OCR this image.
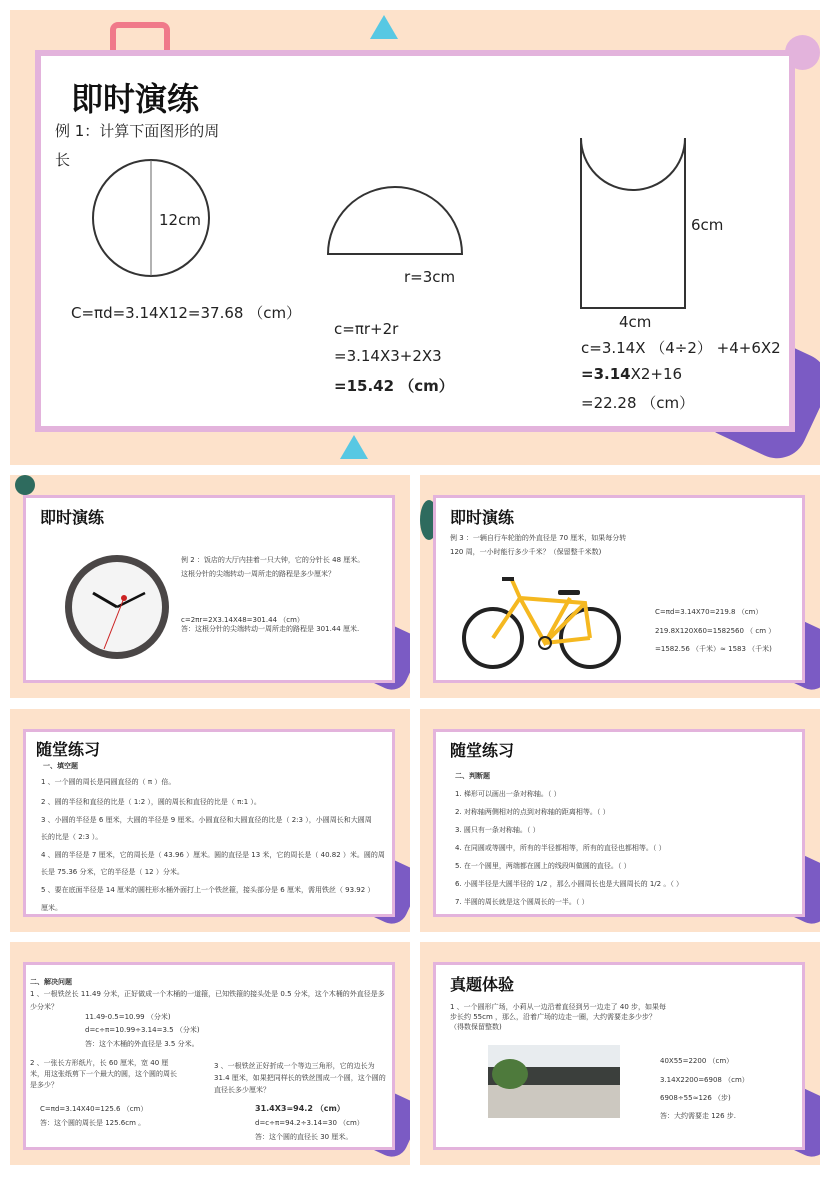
即时演练
例 1：计算下面图形的周
长
12cm
C=πd=3.14X12=37.68 （cm）
r=3cm
c=πr+2r
=3.14X3+2X3
=15.42 （cm）
6cm
4cm
c=3.14X （4÷2） +4+6X2
=3.14X2+16
=22.28 （cm）
即时演练
例 2 ：饭店的大厅内挂着一只大钟，它的分针长 48 厘米。
这根分针的尖端转动一周所走的路程是多少厘米？
c=2πr=2X3.14X48=301.44 （cm）
答：这根分针的尖端转动一周所走的路程是 301.44 厘米.
即时演练
例 3 ：一辆自行车轮胎的外直径是 70 厘米，如果每分转
120 周，一小时能行多少千米？（保留整千米数)
C=πd=3.14X70=219.8 （cm）
219.8X120X60=1582560 （ cm ）
=1582.56 （千米）≈ 1583 （千米)
随堂练习
一、填空题
1 、一个圆的周长是同圆直径的（ π ）倍。
2 、圆的半径和直径的比是（ 1:2 ），圆的周长和直径的比是（ π:1 ）。
3 、小圆的半径是 6 厘米，大圆的半径是 9 厘米。小圆直径和大圆直径的比是（ 2:3 ），小圆周长和大圆周
长的比是（ 2:3 ）。
4 、圆的半径是 7 厘米，它的周长是（ 43.96 ）厘米。圆的直径是 13 米，它的周长是（ 40.82 ）米。圆的周
长是 75.36 分米，它的半径是（ 12 ）分米。
5 、要在底面半径是 14 厘米的圆柱形水桶外面打上一个铁丝箍，接头部分是 6 厘米，需用铁丝（ 93.92 ）
厘米。
随堂练习
二、判断题
1. 梯形可以画出一条对称轴。（ ）
2. 对称轴两侧相对的点到对称轴的距离相等。（ ）
3. 圆只有一条对称轴。（ ）
4. 在同圆或等圆中，所有的半径都相等，所有的直径也都相等。（ ）
5. 在一个圆里，两端都在圆上的线段叫做圆的直径。（ ）
6. 小圆半径是大圆半径的 1/2 ，那么小圆周长也是大圆周长的 1/2 。（ ）
7. 半圆的周长就是这个圆周长的一半。（ ）
二、解决问题
1 、一根铁丝长 11.49 分米，正好做成一个木桶的一道箍，已知铁箍的接头处是 0.5 分米，这个木桶的外直径是多少分米？
11.49-0.5=10.99 （分米)
d=c÷π=10.99÷3.14=3.5 （分米)
答：这个木桶的外直径是 3.5 分米。
2 、一张长方形纸片，长 60 厘米，宽 40 厘米，用这张纸剪下一个最大的圆，这个圆的周长是多少？
3 、一根铁丝正好折成一个等边三角形，它的边长为 31.4 厘米，如果把同样长的铁丝围成一个圆，这个圆的直径长多少厘米？
C=πd=3.14X40=125.6 （cm）
答：这个圆的周长是 125.6cm 。
31.4X3=94.2 （cm）
d=c÷π=94.2÷3.14=30 （cm）
答：这个圆的直径长 30 厘米。
真题体验
1 、一个圆形广场，小莉从一边沿着直径到另一边走了 40 步，如果每步长约 55cm ，那么，沿着广场的边走一圈，大约需要走多少步？（得数保留整数)
40X55=2200 （cm）
3.14X2200=6908 （cm）
6908÷55≈126 （步)
答：大约需要走 126 步.
